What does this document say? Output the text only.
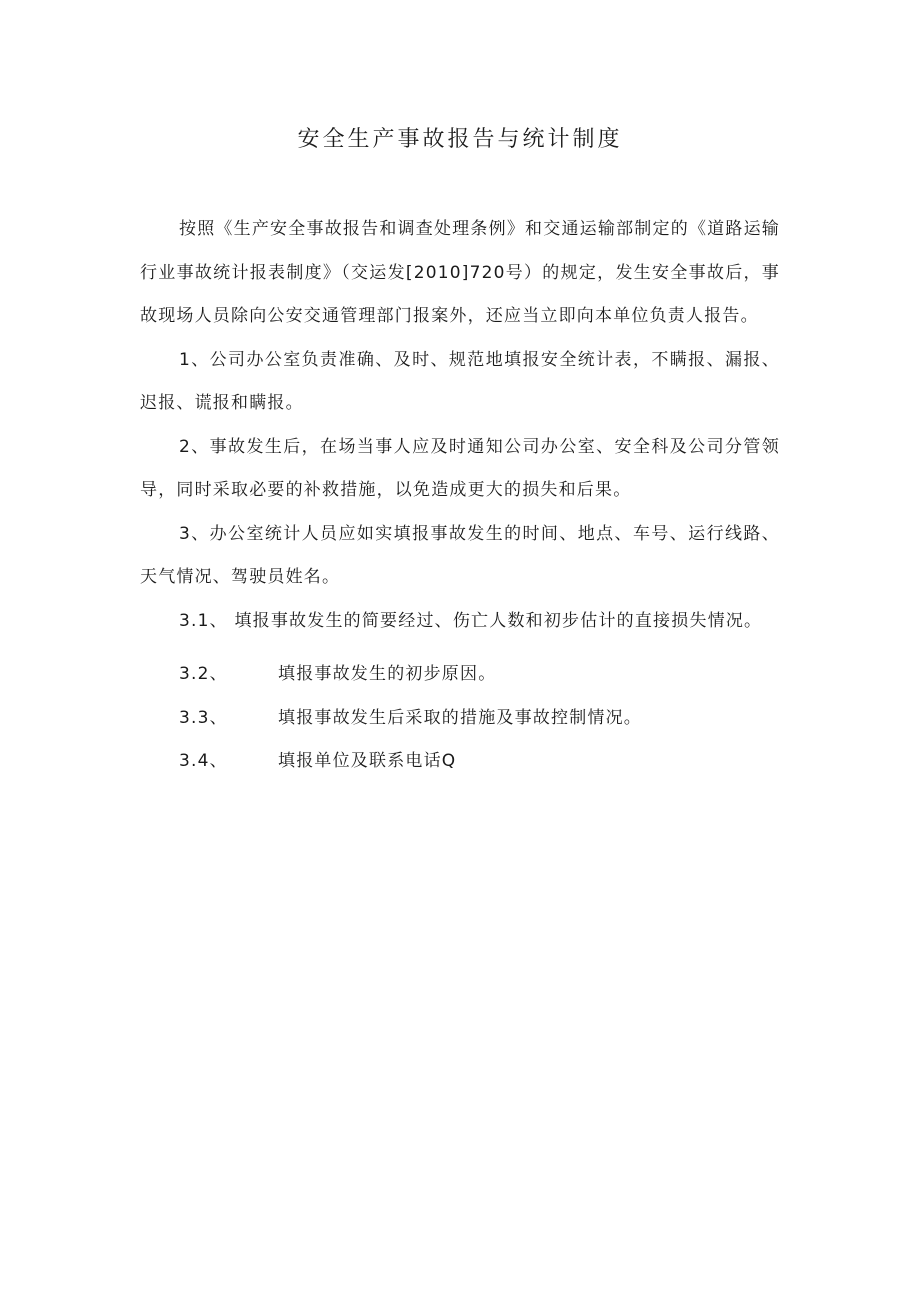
安全生产事故报告与统计制度

按照《生产安全事故报告和调查处理条例》和交通运输部制定的《道路运输行业事故统计报表制度》（交运发[2010]720号）的规定，发生安全事故后，事故现场人员除向公安交通管理部门报案外，还应当立即向本单位负责人报告。

1、公司办公室负责准确、及时、规范地填报安全统计表，不瞒报、漏报、迟报、谎报和瞒报。

2、事故发生后，在场当事人应及时通知公司办公室、安全科及公司分管领导，同时采取必要的补救措施，以免造成更大的损失和后果。

3、办公室统计人员应如实填报事故发生的时间、地点、车号、运行线路、天气情况、驾驶员姓名。

3.1、 填报事故发生的简要经过、伤亡人数和初步估计的直接损失情况。

3.2、	填报事故发生的初步原因。
3.3、	填报事故发生后采取的措施及事故控制情况。
3.4、	填报单位及联系电话Q
